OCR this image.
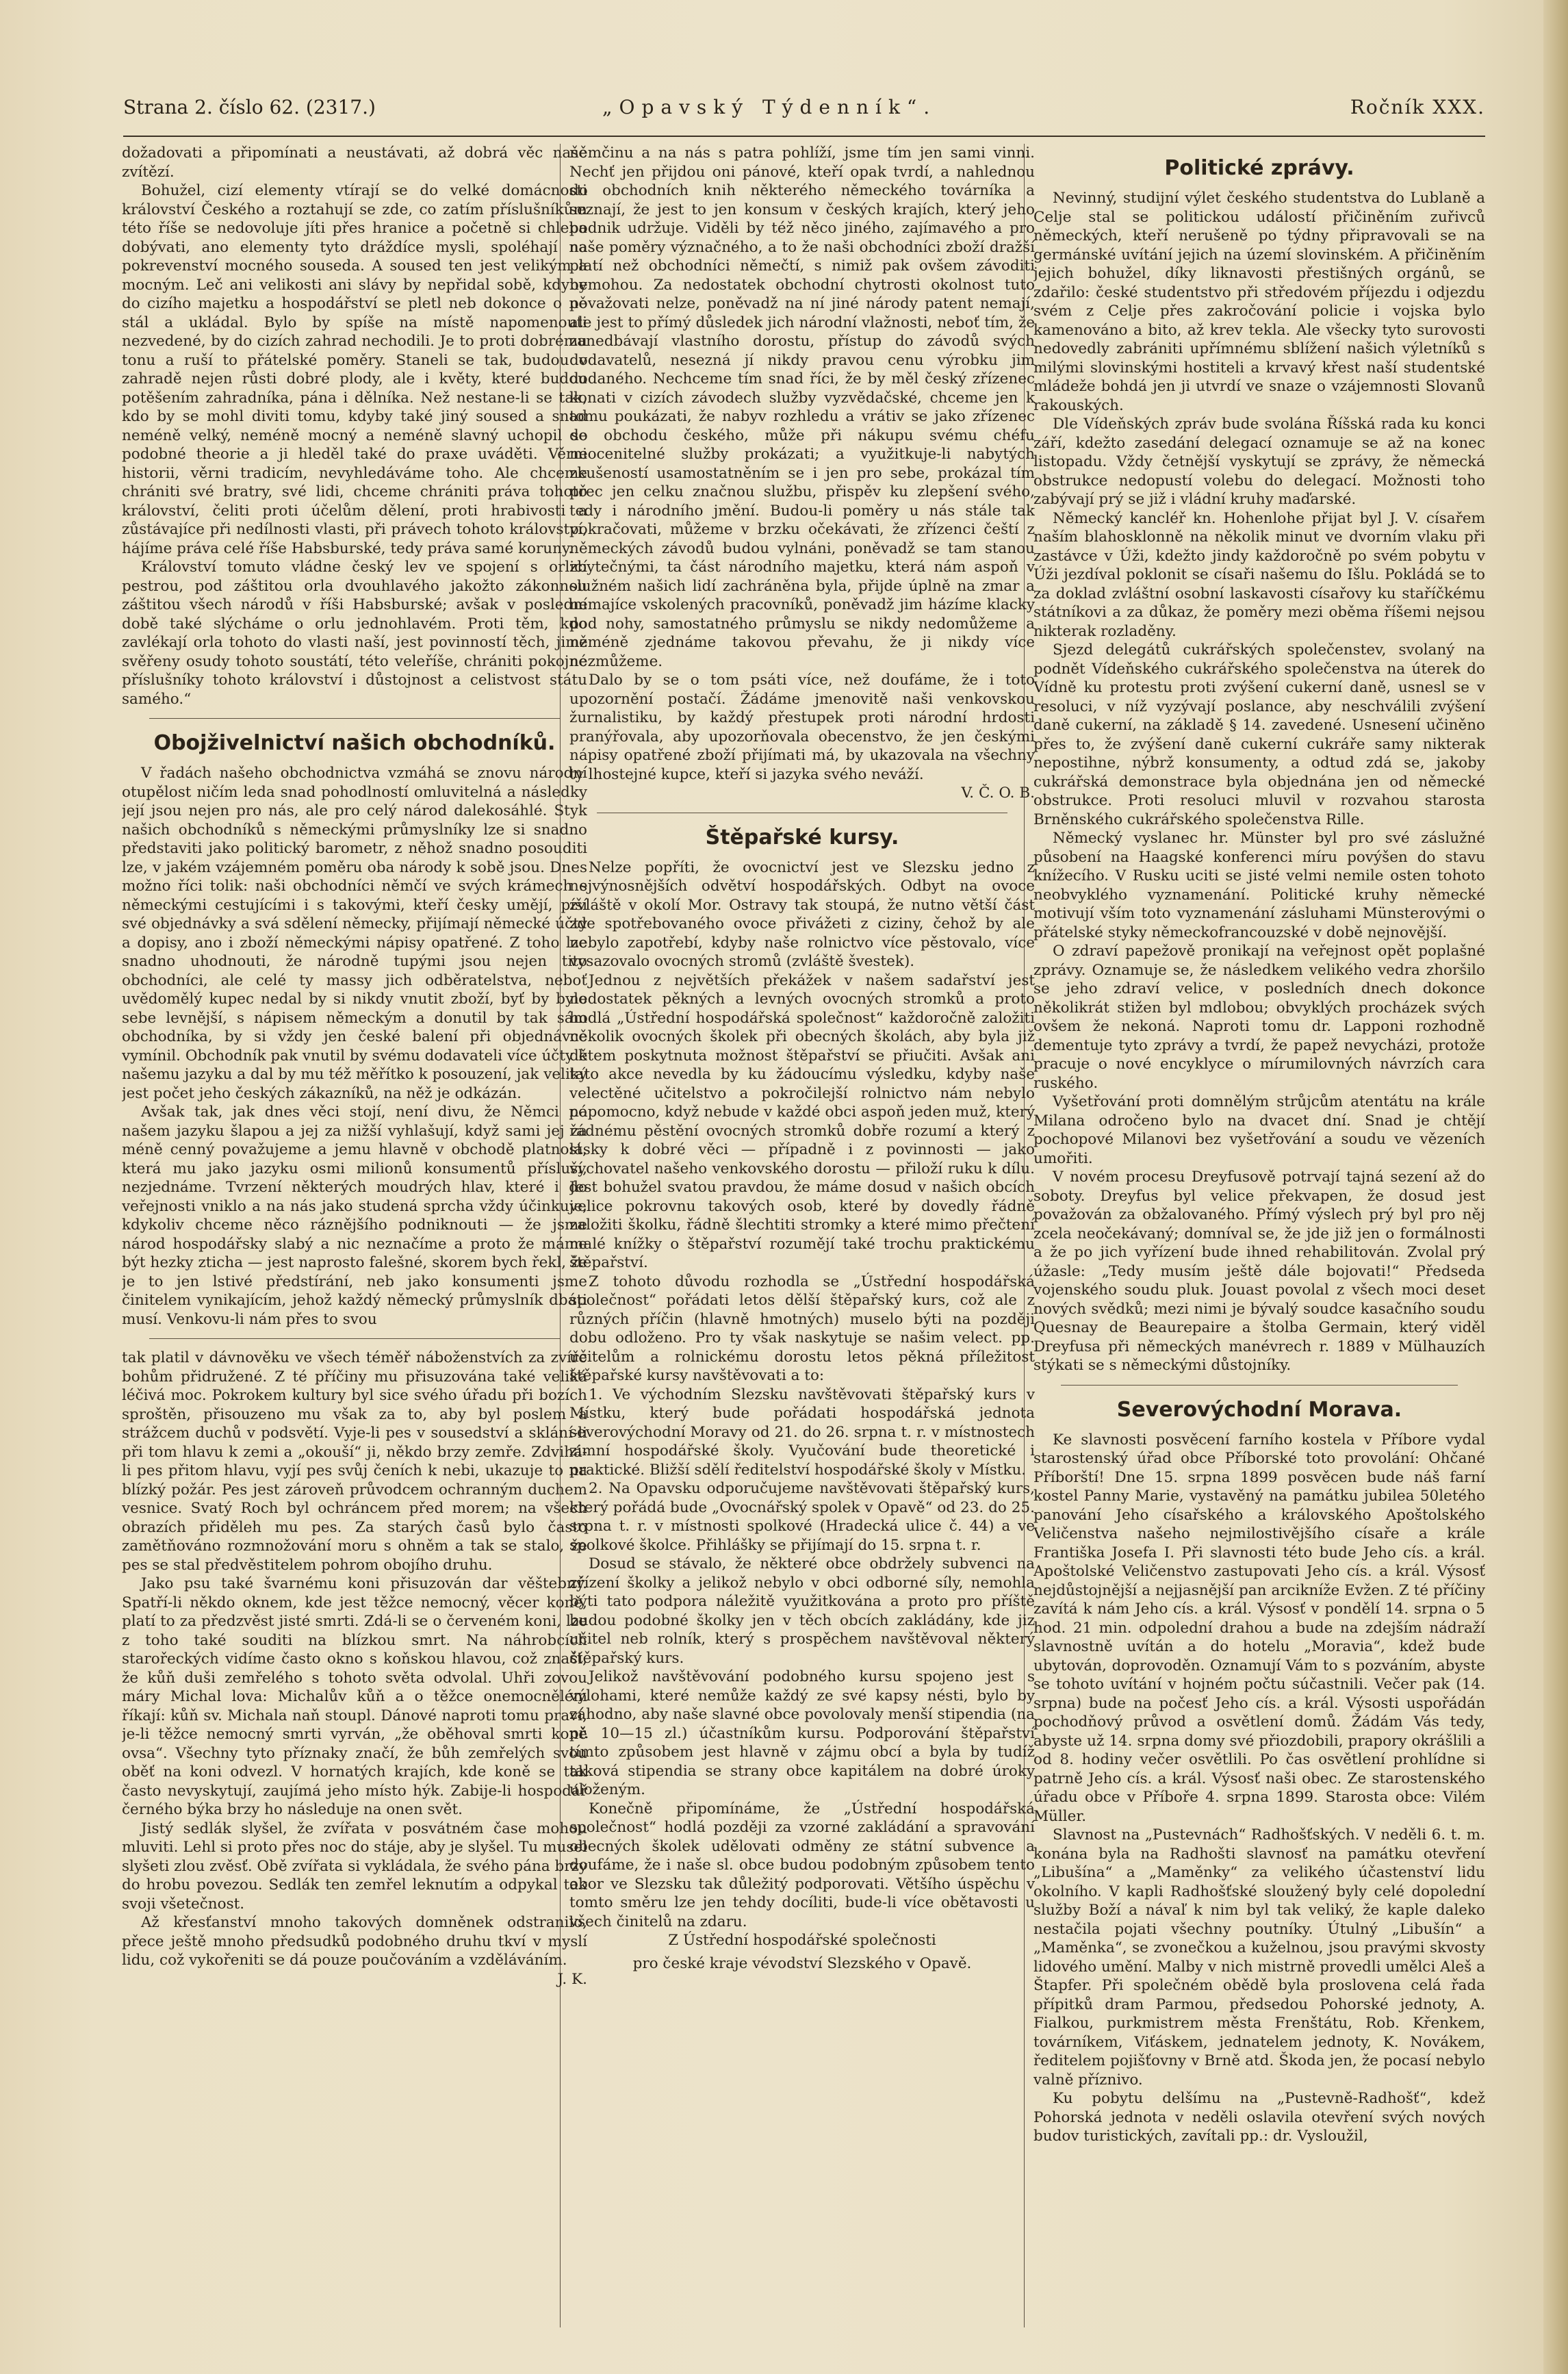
Strana 2. číslo 62. (2317.)	„Opavský Týdenník“.	Ročník XXX.

dožadovati a připomínati a neustávati, až dobrá věc naše zvítězí.

Bohužel, cizí elementy vtírají se do velké domácnosti království Českého a roztahují se zde, co zatím příslušníkům této říše se nedovoluje jíti přes hranice a početně si chleba dobývati, ano elementy tyto dráždíce mysli, spoléhají na pokrevenství mocného souseda. A soused ten jest velikým a mocným. Leč ani velikosti ani slávy by nepřidal sobě, kdyby do cizího majetku a hospodářství se pletl neb dokonce o ně stál a ukládal. Bylo by spíše na místě napomenouti nezvedené, by do cizích zahrad nechodili. Je to proti dobrému tonu a ruší to přátelské poměry. Staneli se tak, budou v zahradě nejen růsti dobré plody, ale i květy, které budou potěšením zahradníka, pána i dělníka. Než nestane-li se tak, kdo by se mohl diviti tomu, kdyby také jiný soused a snad neméně velký, neméně mocný a neméně slavný uchopil se podobné theorie a ji hleděl také do praxe uváděti. Věrni historii, věrni tradicím, nevyhledáváme toho. Ale chceme chrániti své bratry, své lidi, chceme chrániti práva tohoto království, čeliti proti účelům dělení, proti hrabivosti a zůstávajíce při nedílnosti vlasti, při právech tohoto království, hájíme práva celé říše Habsburské, tedy práva samé koruny.

Království tomuto vládne český lev ve spojení s orlicí pestrou, pod záštitou orla dvouhlavého jakožto zákonnou záštitou všech národů v říši Habsburské; avšak v poslední době také slýcháme o orlu jednohlavém. Proti těm, kdo zavlékají orla tohoto do vlasti naší, jest povinností těch, jimž svěřeny osudy tohoto soustátí, této veleříše, chrániti pokojné příslušníky tohoto království i důstojnost a celistvost státu samého.“

Obojživelnictví našich obchodníků.

V řadách našeho obchodnictva vzmáhá se znovu národní otupělost ničím leda snad pohodlností omluvitelná a následky její jsou nejen pro nás, ale pro celý národ dalekosáhlé. Styk našich obchodníků s německými průmyslníky lze si snadno představiti jako politický barometr, z něhož snadno posouditi lze, v jakém vzájemném poměru oba národy k sobě jsou. Dnes možno říci tolik: naši obchodníci němčí ve svých krámech s německými cestujícími i s takovými, kteří česky umějí, píší své objednávky a svá sdělení německy, přijímají německé účty a dopisy, ano i zboží německými nápisy opatřené. Z toho lze snadno uhodnouti, že národně tupými jsou nejen tito obchodníci, ale celé ty massy jich odběratelstva, neboť uvědomělý kupec nedal by si nikdy vnutit zboží, byť by bylo sebe levnější, s nápisem německým a donutil by tak sám obchodníka, by si vždy jen české balení při objednávce vymínil. Obchodník pak vnutil by svému dodavateli více účty k našemu jazyku a dal by mu též měřítko k posouzení, jak veliký jest počet jeho českých zákazníků, na něž je odkázán.

Avšak tak, jak dnes věci stojí, není divu, že Němci po našem jazyku šlapou a jej za nižší vyhlašují, když sami jej za méně cenný považujeme a jemu hlavně v obchodě platnost, která mu jako jazyku osmi milionů konsumentů přísluší, nezjednáme. Tvrzení některých moudrých hlav, které i do veřejnosti vniklo a na nás jako studená sprcha vždy účinkuje, kdykoliv chceme něco ráznějšího podniknouti — že jsme národ hospodářsky slabý a nic neznačíme a proto že máme být hezky zticha — jest naprosto falešné, skorem bych řekl, že je to jen lstivé předstírání, neb jako konsumenti jsme činitelem vynikajícím, jehož každý německý průmyslník dbáti musí. Venkovu-li nám přes to svou

tak platil v dávnověku ve všech téměř náboženstvích za zvíře bohům přidružené. Z té příčiny mu přisuzována také veliká léčivá moc. Pokrokem kultury byl sice svého úřadu při bozích sproštěn, přisouzeno mu však za to, aby byl poslem a strážcem duchů v podsvětí. Vyje-li pes v sousedství a sklání-li při tom hlavu k zemi a „okouší“ ji, někdo brzy zemře. Zdvihá-li pes přitom hlavu, vyjí pes svůj čeních k nebi, ukazuje to na blízký požár. Pes jest zároveň průvodcem ochranným duchem vesnice. Svatý Roch byl ochráncem před morem; na všech obrazích přiděleh mu pes. Za starých časů bylo často zamětňováno rozmnožování moru s ohněm a tak se stalo, že pes se stal předvěstitelem pohrom obojího druhu.

Jako psu také švarnému koni přisuzován dar věštebný. Spatří-li někdo oknem, kde jest těžce nemocný, věcer koně, platí to za předzvěst jisté smrti. Zdá-li se o červeném koni, lze z toho také souditi na blízkou smrt. Na náhrobcích starořeckých vidíme často okno s koňskou hlavou, což značí, že kůň duši zemřelého s tohoto světa odvolal. Uhři zovou máry Michal lova: Michalův kůň a o těžce onemocnělém říkají: kůň sv. Michala naň stoupl. Dánové naproti tomu praví, je-li těžce nemocný smrti vyrván, „že oběhoval smrti koně ovsa“. Všechny tyto příznaky značí, že bůh zemřelých svou oběť na koni odvezl. V hornatých krajích, kde koně se tak často nevyskytují, zaujímá jeho místo hýk. Zabije-li hospodář černého býka brzy ho následuje na onen svět.

Jistý sedlák slyšel, že zvířata v posvátném čase mohou mluviti. Lehl si proto přes noc do stáje, aby je slyšel. Tu musel slyšeti zlou zvěsť. Obě zvířata si vykládala, že svého pána brzy do hrobu povezou. Sedlák ten zemřel leknutím a odpykal tak svoji všetečnost.

Až křesťanství mnoho takových domněnek odstranilo, přece ještě mnoho předsudků podobného druhu tkví v myslí lidu, což vykořeniti se dá pouze poučováním a vzděláváním.

J. K.

němčinu a na nás s patra pohlíží, jsme tím jen sami vinni. Nechť jen přijdou oni pánové, kteří opak tvrdí, a nahlednou do obchodních knih některého německého továrníka a seznají, že jest to jen konsum v českých krajích, který jeho podnik udržuje. Viděli by též něco jiného, zajímavého a pro naše poměry význačného, a to že naši obchodníci zboží dražší platí než obchodníci němečtí, s nimiž pak ovšem závoditi nemohou. Za nedostatek obchodní chytrosti okolnost tuto považovati nelze, poněvadž na ní jiné národy patent nemají, ale jest to přímý důsledek jich národní vlažnosti, neboť tím, že zanedbávají vlastního dorostu, přístup do závodů svých dodavatelů, nesezná jí nikdy pravou cenu výrobku jim dodaného. Nechceme tím snad říci, že by měl český zřízenec konati v cizích závodech služby vyzvědačské, chceme jen k tomu poukázati, že nabyv rozhledu a vrátiv se jako zřízenec do obchodu českého, může při nákupu svému chéfu neocenitelné služby prokázati; a využitkuje-li nabytých zkušeností usamostatněním se i jen pro sebe, prokázal tím přec jen celku značnou službu, přispěv ku zlepšení svého, tedy i národního jmění. Budou-li poměry u nás stále tak pokračovati, můžeme v brzku očekávati, že zřízenci čeští z německých závodů budou vylnáni, poněvadž se tam stanou zbytečnými, ta část národního majetku, která nám aspoň v služném našich lidí zachráněna byla, přijde úplně na zmar a nemajíce vskolených pracovníků, poněvadž jim házíme klacky pod nohy, samostatného průmyslu se nikdy nedomůžeme a neméně zjednáme takovou převahu, že ji nikdy více nezmůžeme.

Dalo by se o tom psáti více, než doufáme, že i toto upozornění postačí. Žádáme jmenovitě naši venkovskou žurnalistiku, by každý přestupek proti národní hrdosti pranýřovala, aby upozorňovala obecenstvo, že jen českými nápisy opatřené zboží přijímati má, by ukazovala na všechny ty lhostejné kupce, kteří si jazyka svého neváží.

V. Č. O. B.
Štěpařské kursy.

Nelze popříti, že ovocnictví jest ve Slezsku jedno z nejvýnosnějších odvětví hospodářských. Odbyt na ovoce zvláště v okolí Mor. Ostravy tak stoupá, že nutno větší část zde spotřebovaného ovoce přivážeti z ciziny, čehož by ale nebylo zapotřebí, kdyby naše rolnictvo více pěstovalo, více vysazovalo ovocných stromů (zvláště švestek).

Jednou z největších překážek v našem sadařství jest nedostatek pěkných a levných ovocných stromků a proto hodlá „Ústřední hospodářská společnost“ každoročně založiti několik ovocných školek při obecných školách, aby byla již dětem poskytnuta možnost štěpařství se přiučiti. Avšak ani tato akce nevedla by ku žádoucímu výsledku, kdyby naše velectěné učitelstvo a pokročilejší rolnictvo nám nebylo nápomocno, když nebude v každé obci aspoň jeden muž, který řádnému pěstění ovocných stromků dobře rozumí a který z lásky k dobré věci — případně i z povinnosti — jako vychovatel našeho venkovského dorostu — přiloží ruku k dílu. Jest bohužel svatou pravdou, že máme dosud v našich obcích velice pokrovnu takových osob, které by dovedly řádně založiti školku, řádně šlechtiti stromky a které mimo přečtení malé knížky o štěpařství rozumějí také trochu praktickému štěpařství.

Z tohoto důvodu rozhodla se „Ústřední hospodářská společnost“ pořádati letos dělší štěpařský kurs, což ale z různých příčin (hlavně hmotných) muselo býti na později dobu odloženo. Pro ty však naskytuje se našim velect. pp. učitelům a rolnickému dorostu letos pěkná příležitost štěpařské kursy navštěvovati a to:

1. Ve východním Slezsku navštěvovati štěpařský kurs v Místku, který bude pořádati hospodářská jednota severovýchodní Moravy od 21. do 26. srpna t. r. v místnostech zimní hospodářské školy. Vyučování bude theoretické i praktické. Bližší sdělí ředitelství hospodářské školy v Místku.

2. Na Opavsku odporučujeme navštěvovati štěpařský kurs, který pořádá bude „Ovocnářský spolek v Opavě“ od 23. do 25. srpna t. r. v místnosti spolkové (Hradecká ulice č. 44) a ve spolkové školce. Přihlášky se přijímají do 15. srpna t. r.

Dosud se stávalo, že některé obce obdržely subvenci na zřízení školky a jelikož nebylo v obci odborné síly, nemohla býti tato podpora náležitě využitkována a proto pro příště budou podobné školky jen v těch obcích zakládány, kde jiz učitel neb rolník, který s prospěchem navštěvoval některý štěpařský kurs.

Jelikož navštěvování podobného kursu spojeno jest s výlohami, které nemůže každý ze své kapsy nésti, bylo by záhodno, aby naše slavné obce povolovaly menší stipendia (na př. 10—15 zl.) účastníkům kursu. Podporování štěpařství tímto způsobem jest hlavně v zájmu obcí a byla by tudíž taková stipendia se strany obce kapitálem na dobré úroky uloženým.

Konečně připomínáme, že „Ústřední hospodářská společnost“ hodlá později za vzorné zakládání a spravování obecných školek udělovati odměny ze státní subvence a doufáme, že i naše sl. obce budou podobným způsobem tento obor ve Slezsku tak důležitý podporovati. Většího úspěchu v tomto směru lze jen tehdy docíliti, bude-li více obětavosti u všech činitelů na zdaru.

Z Ústřední hospodářské společnosti
pro české kraje vévodství Slezského v Opavě.
Politické zprávy.

Nevinný, studijní výlet českého studentstva do Lublaně a Celje stal se politickou událostí přičiněním zuřivců německých, kteří nerušeně po týdny připravovali se na germánské uvítání jejich na území slovinském. A přičiněním jejich bohužel, díky liknavosti přestišných orgánů, se zdařilo: české studentstvo při středovém příjezdu i odjezdu svém z Celje přes zakročování policie i vojska bylo kamenováno a bito, až krev tekla. Ale všecky tyto surovosti nedovedly zabrániti upřímnému sblížení našich výletníků s milými slovinskými hostiteli a krvavý křest naší studentské mládeže bohdá jen ji utvrdí ve snaze o vzájemnosti Slovanů rakouských.

Dle Vídeňských zpráv bude svolána Říšská rada ku konci září, kdežto zasedání delegací oznamuje se až na konec listopadu. Vždy četnější vyskytují se zprávy, že německá obstrukce nedopustí volebu do delegací. Možnosti toho zabývají prý se již i vládní kruhy maďarské.

Německý kancléř kn. Hohenlohe přijat byl J. V. císařem naším blahosklonně na několik minut ve dvorním vlaku při zastávce v Úži, kdežto jindy každoročně po svém pobytu v Úži jezdíval poklonit se císaři našemu do Išlu. Pokládá se to za doklad zvláštní osobní laskavosti císařovy ku staříčkému státníkovi a za důkaz, že poměry mezi oběma říšemi nejsou nikterak rozladěny.

Sjezd delegátů cukrářských společenstev, svolaný na podnět Vídeňského cukrářského společenstva na úterek do Vídně ku protestu proti zvýšení cukerní daně, usnesl se v resoluci, v níž vyzývají poslance, aby neschválili zvýšení daně cukerní, na základě § 14. zavedené. Usnesení učiněno přes to, že zvýšení daně cukerní cukráře samy nikterak nepostihne, nýbrž konsumenty, a odtud zdá se, jakoby cukrářská demonstrace byla objednána jen od německé obstrukce. Proti resoluci mluvil v rozvahou starosta Brněnského cukrářského společenstva Rille.

Německý vyslanec hr. Münster byl pro své záslužné působení na Haagské konferenci míru povýšen do stavu knížecího. V Rusku uciti se jisté velmi nemile osten tohoto neobvyklého vyznamenání. Politické kruhy německé motivují vším toto vyznamenání zásluhami Münsterovými o přátelské styky německofrancouzské v době nejnovější.

O zdraví papežově pronikají na veřejnost opět poplašné zprávy. Oznamuje se, že následkem velikého vedra zhoršilo se jeho zdraví velice, v posledních dnech dokonce několikrát stižen byl mdlobou; obvyklých procházek svých ovšem že nekoná. Naproti tomu dr. Lapponi rozhodně dementuje tyto zprávy a tvrdí, že papež nevycházi, protože pracuje o nové encyklyce o mírumilovných návrzích cara ruského.

Vyšetřování proti domnělým strůjcům atentátu na krále Milana odročeno bylo na dvacet dní. Snad je chtějí pochopové Milanovi bez vyšetřování a soudu ve vězeních umořiti.

V novém procesu Dreyfusově potrvají tajná sezení až do soboty. Dreyfus byl velice překvapen, že dosud jest považován za obžalovaného. Přímý výslech prý byl pro něj zcela neočekávaný; domníval se, že jde již jen o formálnosti a že po jich vyřízení bude ihned rehabilitován. Zvolal prý úžasle: „Tedy musím ještě dále bojovati!“ Předseda vojenského soudu pluk. Jouast povolal z všech moci deset nových svědků; mezi nimi je bývalý soudce kasačního soudu Quesnay de Beaurepaire a štolba Germain, který viděl Dreyfusa při německých manévrech r. 1889 v Mülhauzích stýkati se s německými důstojníky.

Severovýchodní Morava.

Ke slavnosti posvěcení farního kostela v Příbore vydal starostenský úřad obce Příborské toto provolání: Ohčané Příborští! Dne 15. srpna 1899 posvěcen bude náš farní kostel Panny Marie, vystavěný na památku jubilea 50letého panování Jeho císařského a královského Apoštolského Veličenstva našeho nejmilostivějšího císaře a krále Františka Josefa I. Při slavnosti této bude Jeho cís. a král. Apoštolské Veličenstvo zastupovati Jeho cís. a král. Výsosť nejdůstojnější a nejjasnější pan arcikníže Evžen. Z té příčiny zavítá k nám Jeho cís. a král. Výsosť v pondělí 14. srpna o 5 hod. 21 min. odpolední drahou a bude na zdejším nádraží slavnostně uvítán a do hotelu „Moravia“, kdež bude ubytován, doprovoděn. Oznamují Vám to s pozváním, abyste se tohoto uvítání v hojném počtu súčastnili. Večer pak (14. srpna) bude na počesť Jeho cís. a král. Výsosti uspořádán pochodňový průvod a osvětlení domů. Žádám Vás tedy, abyste už 14. srpna domy své přiozdobili, prapory okrášlili a od 8. hodiny večer osvětlili. Po čas osvětlení prohlídne si patrně Jeho cís. a král. Výsosť naši obec. Ze starostenského úřadu obce v Příboře 4. srpna 1899. Starosta obce: Vilém Müller.

Slavnost na „Pustevnách“ Radhošťských. V neděli 6. t. m. konána byla na Radhošti slavnosť na památku otevření „Libušína“ a „Maměnky“ za velikého účastenství lidu okolního. V kapli Radhošťské sloužený byly celé dopolední služby Boží a návaľ k nim byl tak veliký, že kaple daleko nestačila pojati všechny poutníky. Útulný „Libušín“ a „Maměnka“, se zvonečkou a kuželnou, jsou pravými skvosty lidového umění. Malby v nich mistrně provedli umělci Aleš a Štapfer. Při společném obědě byla proslovena celá řada přípitků dram Parmou, předsedou Pohorské jednoty, A. Fialkou, purkmistrem města Frenštátu, Rob. Křenkem, továrníkem, Viťáskem, jednatelem jednoty, K. Novákem, ředitelem pojišťovny v Brně atd. Škoda jen, že pocasí nebylo valně příznivo.

Ku pobytu delšímu na „Pustevně-Radhošť“, kdež Pohorská jednota v neděli oslavila otevření svých nových budov turistických, zavítali pp.: dr. Vysloužil,
